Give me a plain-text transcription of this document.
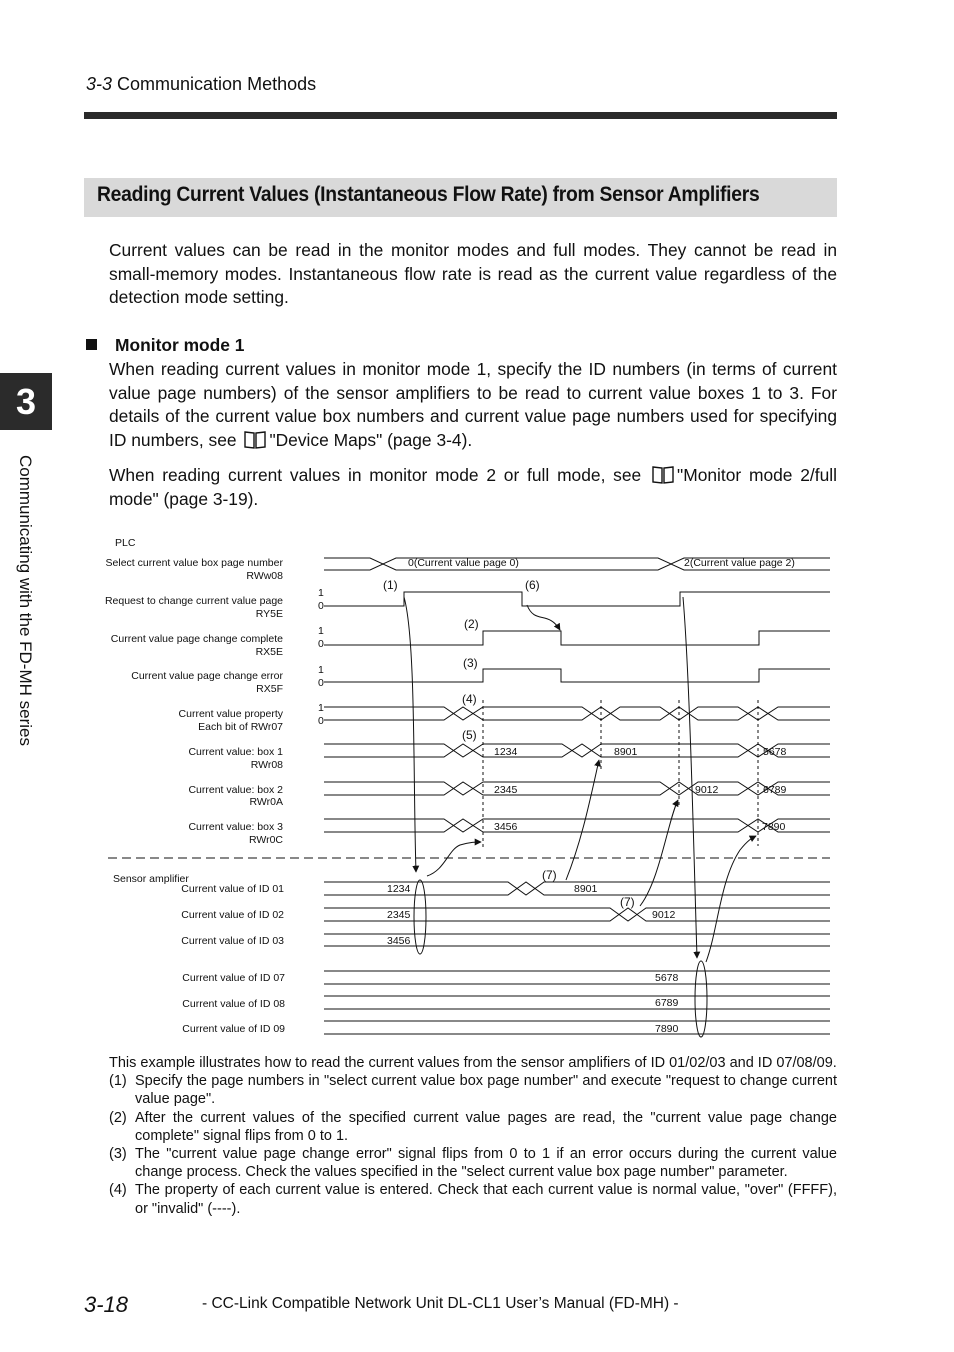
3-3 Communication Methods
Reading Current Values (Instantaneous Flow Rate) from Sensor Amplifiers
Current values can be read in the monitor modes and full modes. They cannot be read in small-memory modes. Instantaneous flow rate is read as the current value regardless of the detection mode setting.
Monitor mode 1
When reading current values in monitor mode 1, specify the ID numbers (in terms of current value page numbers) of the sensor amplifiers to be read to current value boxes 1 to 3. For details of the current value box numbers and current value page numbers used for specifying ID numbers, see "Device Maps" (page 3-4).
When reading current values in monitor mode 2 or full mode, see "Monitor mode 2/full mode" (page 3-19).
3
Communicating with the FD-MH series	PLC
Select current value box page number
RWw08
Request to change current value page
RY5E
Current value page change complete
RX5E
Current value page change error
RX5F
Current value property
Each bit of RWr07
Current value: box 1
RWr08
Current value: box 2
RWr0A
Current value: box 3
RWr0C
Sensor amplifier
Current value of ID 01
Current value of ID 02
Current value of ID 03
Current value of ID 07
Current value of ID 08
Current value of ID 09
1
0
1
0
1
0
1
0
0(Current value page 0)	2(Current value page 2)
1234	8901	5678
2345	9012	6789
3456	7890
1234	8901
2345	9012
3456
5678
6789
7890
(1)	(6)
(2)
(3)
(4)
(5)
(7)
(7)
This example illustrates how to read the current values from the sensor amplifiers of ID 01/02/03 and ID 07/08/09.
(1) Specify the page numbers in "select current value box page number" and execute "request to change current value page".
(2) After the current values of the specified current value pages are read, the "current value page change complete" signal flips from 0 to 1.
(3) The "current value page change error" signal flips from 0 to 1 if an error occurs during the current value change process. Check the values specified in the "select current value box page number" parameter.
(4) The property of each current value is entered. Check that each current value is normal value, "over" (FFFF), or "invalid" (----).
3-18	- CC-Link Compatible Network Unit DL-CL1 User’s Manual (FD-MH) -
